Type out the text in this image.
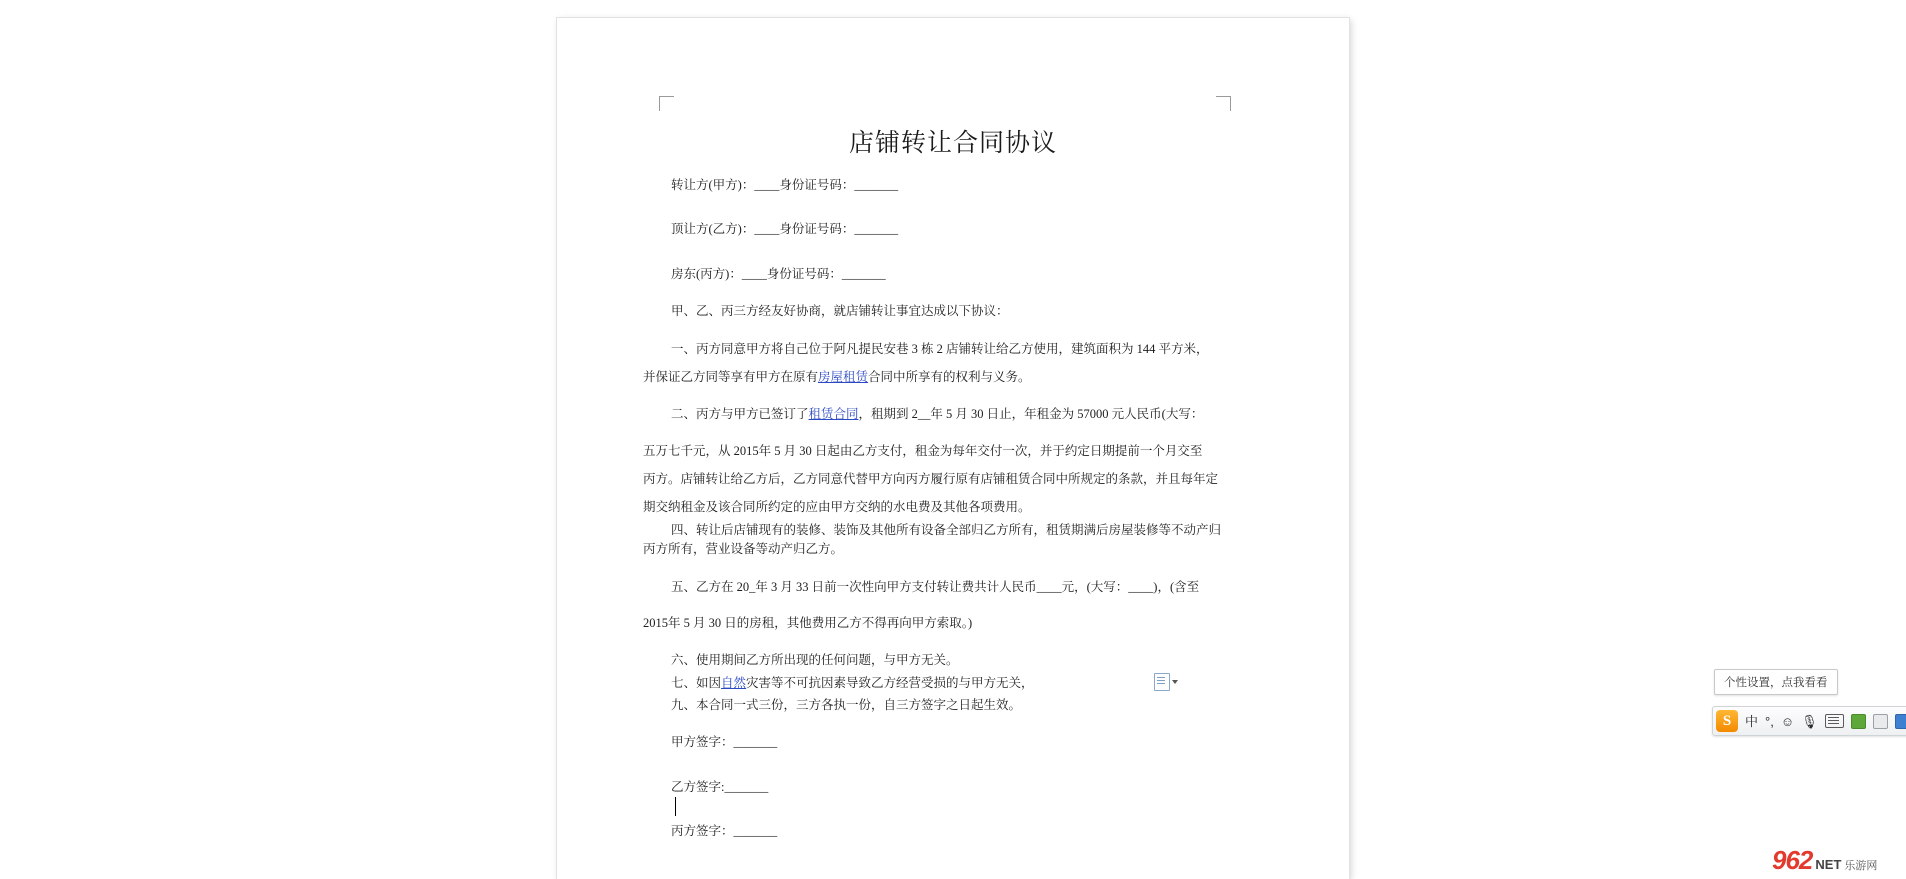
店铺转让合同协议
转让方(甲方)：____身份证号码：_______
顶让方(乙方)：____身份证号码：_______
房东(丙方)：____身份证号码：_______
甲、乙、丙三方经友好协商，就店铺转让事宜达成以下协议：
一、丙方同意甲方将自己位于阿凡提民安巷 3 栋 2 店铺转让给乙方使用，建筑面积为 144 平方米，
并保证乙方同等享有甲方在原有房屋租赁合同中所享有的权利与义务。
二、丙方与甲方已签订了租赁合同，租期到 2__年 5 月 30 日止，年租金为 57000 元人民币(大写：
五万七千元，从 2015年 5 月 30 日起由乙方支付，租金为每年交付一次，并于约定日期提前一个月交至
丙方。店铺转让给乙方后，乙方同意代替甲方向丙方履行原有店铺租赁合同中所规定的条款，并且每年定
期交纳租金及该合同所约定的应由甲方交纳的水电费及其他各项费用。
四、转让后店铺现有的装修、装饰及其他所有设备全部归乙方所有，租赁期满后房屋装修等不动产归
丙方所有，营业设备等动产归乙方。
五、乙方在 20_年 3 月 33 日前一次性向甲方支付转让费共计人民币____元，(大写：____)，(含至
2015年 5 月 30 日的房租，其他费用乙方不得再向甲方索取。)
六、使用期间乙方所出现的任何问题，与甲方无关。
七、如因自然灾害等不可抗因素导致乙方经营受损的与甲方无关，
九、本合同一式三份，三方各执一份，自三方签字之日起生效。
甲方签字：_______
乙方签字:_______
丙方签字：_______
个性设置，点我看看
S	中 °, ☺ 🎙
962 NET 乐游网
